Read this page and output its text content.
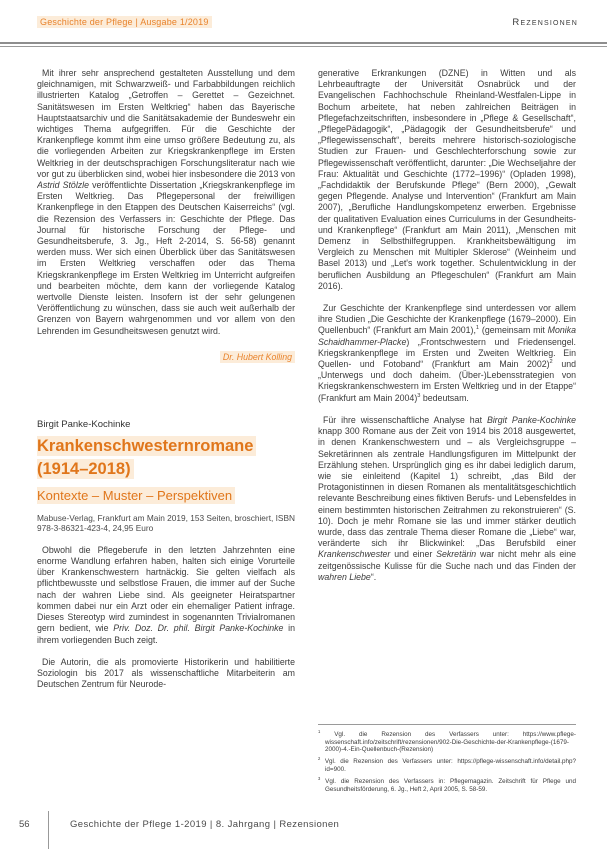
Geschichte der Pflege | Ausgabe 1/2019	Rezensionen

Mit ihrer sehr ansprechend gestalteten Ausstellung und dem gleichnamigen, mit Schwarzweiß- und Farbabbildungen reichlich illustrierten Katalog „Getroffen – Gerettet – Gezeichnet. Sanitätswesen im Ersten Weltkrieg“ haben das Bayerische Hauptstaatsarchiv und die Sanitätsakademie der Bundeswehr ein wichtiges Thema aufgegriffen. Für die Geschichte der Krankenpflege kommt ihm eine umso größere Bedeutung zu, als die vorliegenden Arbeiten zur Kriegskrankenpflege im Ersten Weltkrieg in der deutschsprachigen Forschungsliteratur nach wie vor gut zu überblicken sind, wobei hier insbesondere die 2013 von Astrid Stölzle veröffentlichte Dissertation „Kriegskrankenpflege im Ersten Weltkrieg. Das Pflegepersonal der freiwilligen Krankenpflege in den Etappen des Deutschen Kaiserreichs“ (vgl. die Rezension des Verfassers in: Geschichte der Pflege. Das Journal für historische Forschung der Pflege- und Gesundheitsberufe, 3. Jg., Heft 2-2014, S. 56-58) genannt werden muss. Wer sich einen Überblick über das Sanitätswesen im Ersten Weltkrieg verschaffen oder das Thema Kriegskrankenpflege im Ersten Weltkrieg im Unterricht aufgreifen und bearbeiten möchte, dem kann der vorliegende Katalog wertvolle Dienste leisten. Insofern ist der sehr gelungenen Veröffentlichung zu wünschen, dass sie auch weit außerhalb der Grenzen von Bayern wahrgenommen und vor allem von den Lehrenden im Gesundheitswesen genutzt wird.

Dr. Hubert Kolling
Birgit Panke-Kochinke
Krankenschwesternromane (1914–2018)
Kontexte – Muster – Perspektiven

Mabuse-Verlag, Frankfurt am Main 2019, 153 Seiten, broschiert, ISBN 978-3-86321-423-4, 24,95 Euro

Obwohl die Pflegeberufe in den letzten Jahrzehnten eine enorme Wandlung erfahren haben, halten sich einige Vorurteile über Krankenschwestern hartnäckig. Sie gelten vielfach als pflichtbewusste und selbstlose Frauen, die immer auf der Suche nach der wahren Liebe sind. Als geeigneter Heiratspartner kommen dabei nur ein Arzt oder ein ehemaliger Patient infrage. Dieses Stereotyp wird zumindest in sogenannten Trivialromanen gern bedient, wie Priv. Doz. Dr. phil. Birgit Panke-Kochinke in ihrem vorliegenden Buch zeigt.

Die Autorin, die als promovierte Historikerin und habilitierte Soziologin bis 2017 als wissenschaftliche Mitarbeiterin am Deutschen Zentrum für Neurode-

generative Erkrankungen (DZNE) in Witten und als Lehrbeauftragte der Universität Osnabrück und der Evangelischen Fachhochschule Rheinland-Westfalen-Lippe in Bochum arbeitete, hat neben zahlreichen Beiträgen in Pflegefachzeitschriften, insbesondere in „Pflege & Gesellschaft“, „PflegePädagogik“, „Pädagogik der Gesundheitsberufe“ und „Pflegewissenschaft“, bereits mehrere historisch-soziologische Studien zur Frauen- und Geschlechterforschung sowie zur Pflegewissenschaft veröffentlicht, darunter: „Die Wechseljahre der Frau: Aktualität und Geschichte (1772–1996)“ (Opladen 1998), „Fachdidaktik der Berufskunde Pflege“ (Bern 2000), „Gewalt gegen Pflegende. Analyse und Intervention“ (Frankfurt am Main 2007), „Berufliche Handlungskompetenz erwerben. Ergebnisse der qualitativen Evaluation eines Curriculums in der Gesundheits- und Krankenpflege“ (Frankfurt am Main 2011), „Menschen mit Demenz in Selbsthilfegruppen. Krankheitsbewältigung im Vergleich zu Menschen mit Multipler Sklerose“ (Weinheim und Basel 2013) und „Let's work together. Schulentwicklung in der beruflichen Ausbildung an Pflegeschulen“ (Frankfurt am Main 2016).

Zur Geschichte der Krankenpflege sind unterdessen vor allem ihre Studien „Die Geschichte der Krankenpflege (1679–2000). Ein Quellenbuch“ (Frankfurt am Main 2001),$^1$ (gemeinsam mit Monika Schaidhammer-Placke) „Frontschwestern und Friedensengel. Kriegskrankenpflege im Ersten und Zweiten Weltkrieg. Ein Quellen- und Fotoband“ (Frankfurt am Main 2002)$^2$ und „Unterwegs und doch daheim. (Über-)Lebensstrategien von Kriegskrankenschwestern im Ersten Weltkrieg und in der Etappe“ (Frankfurt am Main 2004)$^3$ bedeutsam.

Für ihre wissenschaftliche Analyse hat Birgit Panke-Kochinke knapp 300 Romane aus der Zeit von 1914 bis 2018 ausgewertet, in denen Krankenschwestern und – als Vergleichsgruppe – Sekretärinnen als zentrale Handlungsfiguren im Mittelpunkt der Erzählung stehen. Ursprünglich ging es ihr dabei lediglich darum, wie sie einleitend (Kapitel 1) schreibt, „das Bild der Protagonistinnen in diesen Romanen als mentalitätsgeschichtlich relevante Beschreibung eines fiktiven Berufs- und Lebensfeldes in einem bestimmten historischen Zeitrahmen zu rekonstruieren“ (S. 10). Doch je mehr Romane sie las und immer stärker deutlich wurde, dass das zentrale Thema dieser Romane die „Liebe“ war, veränderte sich ihr Blickwinkel: „Das Berufsbild einer Krankenschwester und einer Sekretärin war nicht mehr als eine zeitgenössische Kulisse für die Suche nach und das Finden der wahren Liebe“.

$^1$ Vgl. die Rezension des Verfassers unter: https://www.pflege-wissenschaft.info/zeitschrift/rezensionen/902-Die-Geschichte-der-Krankenpflege-(1679-2000)-4.-Ein-Quellenbuch-(Rezension)

$^2$ Vgl. die Rezension des Verfassers unter: https://pflege-wissenschaft.info/detail.php?id=900.

$^3$ Vgl. die Rezension des Verfassers in: Pflegemagazin. Zeitschrift für Pflege und Gesundheitsförderung, 6. Jg., Heft 2, April 2005, S. 58-59.

56	Geschichte der Pflege 1-2019 | 8. Jahrgang | Rezensionen
